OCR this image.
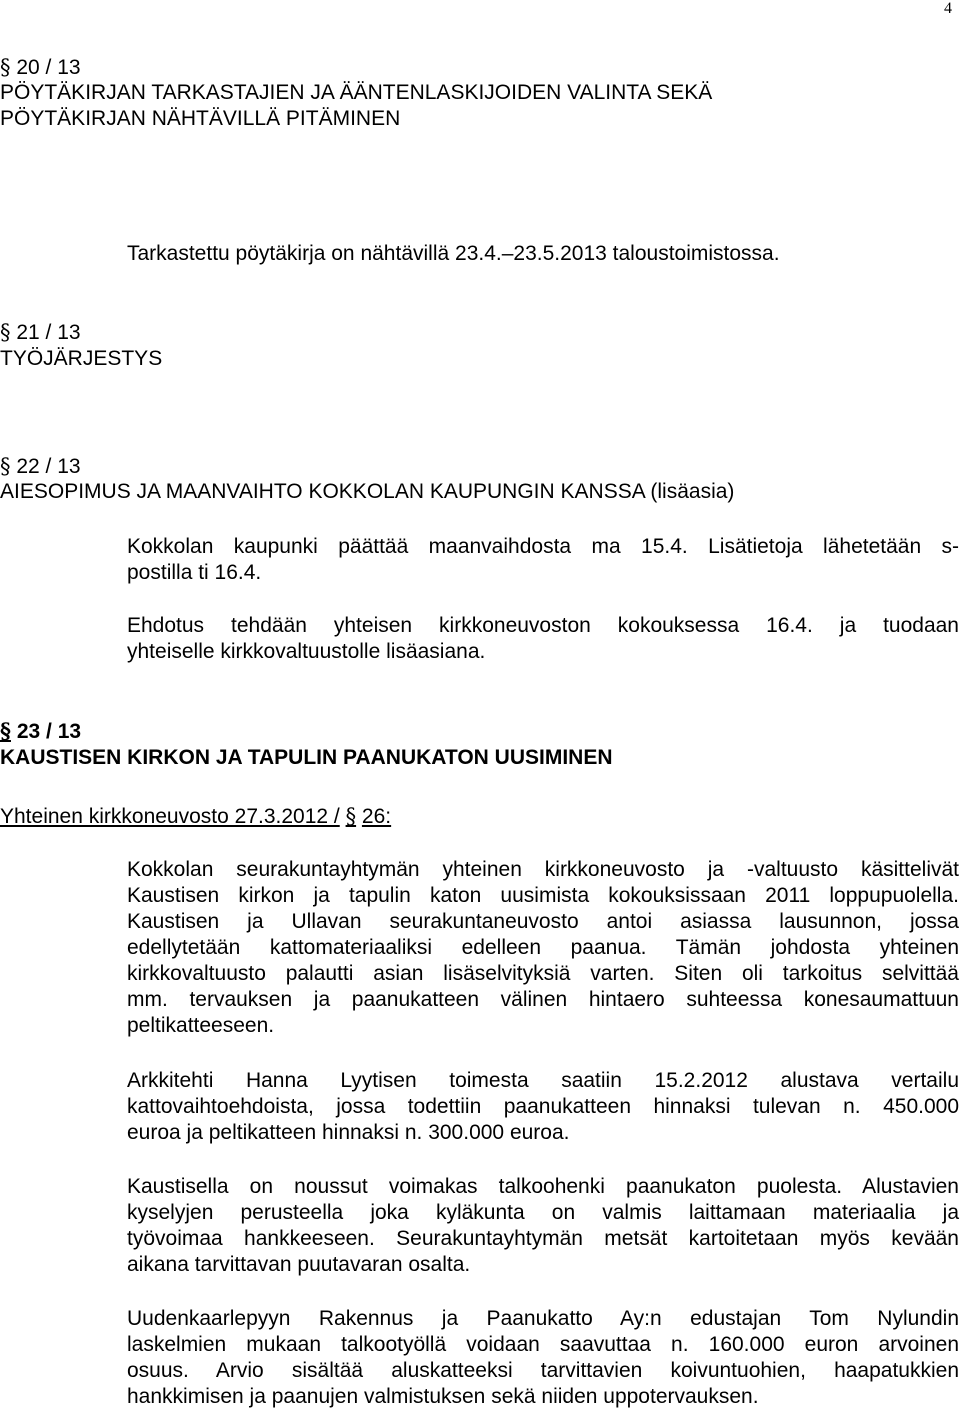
4
§ 20 / 13
PÖYTÄKIRJAN TARKASTAJIEN JA ÄÄNTENLASKIJOIDEN VALINTA SEKÄ
PÖYTÄKIRJAN NÄHTÄVILLÄ PITÄMINEN
Tarkastettu pöytäkirja on nähtävillä 23.4.–23.5.2013 taloustoimistossa.
§ 21 / 13
TYÖJÄRJESTYS
§ 22 / 13
AIESOPIMUS JA MAANVAIHTO KOKKOLAN KAUPUNGIN KANSSA (lisäasia)
Kokkolan kaupunki päättää maanvaihdosta ma 15.4. Lisätietoja lähetetään s-
postilla ti 16.4.
Ehdotus tehdään yhteisen kirkkoneuvoston kokouksessa 16.4. ja tuodaan
yhteiselle kirkkovaltuustolle lisäasiana.
§ 23 / 13
KAUSTISEN KIRKON JA TAPULIN PAANUKATON UUSIMINEN
Yhteinen kirkkoneuvosto 27.3.2012 / § 26:
Kokkolan seurakuntayhtymän yhteinen kirkkoneuvosto ja -valtuusto käsittelivät
Kaustisen kirkon ja tapulin katon uusimista kokouksissaan 2011 loppupuolella.
Kaustisen ja Ullavan seurakuntaneuvosto antoi asiassa lausunnon, jossa
edellytetään kattomateriaaliksi edelleen paanua. Tämän johdosta yhteinen
kirkkovaltuusto palautti asian lisäselvityksiä varten. Siten oli tarkoitus selvittää
mm. tervauksen ja paanukatteen välinen hintaero suhteessa konesaumattuun
peltikatteeseen.
Arkkitehti Hanna Lyytisen toimesta saatiin 15.2.2012 alustava vertailu
kattovaihtoehdoista, jossa todettiin paanukatteen hinnaksi tulevan n. 450.000
euroa ja peltikatteen hinnaksi n. 300.000 euroa.
Kaustisella on noussut voimakas talkoohenki paanukaton puolesta. Alustavien
kyselyjen perusteella joka kyläkunta on valmis laittamaan materiaalia ja
työvoimaa hankkeeseen. Seurakuntayhtymän metsät kartoitetaan myös kevään
aikana tarvittavan puutavaran osalta.
Uudenkaarlepyyn Rakennus ja Paanukatto Ay:n edustajan Tom Nylundin
laskelmien mukaan talkootyöllä voidaan saavuttaa n. 160.000 euron arvoinen
osuus. Arvio sisältää aluskatteeksi tarvittavien koivuntuohien, haapatukkien
hankkimisen ja paanujen valmistuksen sekä niiden uppotervauksen.
